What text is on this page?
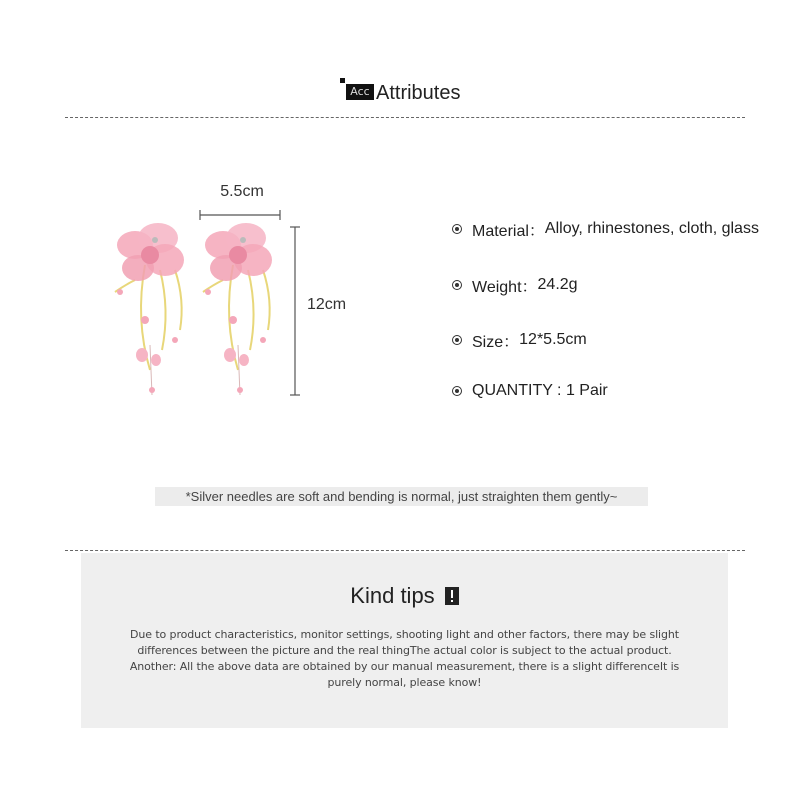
Acc Attributes
5.5cm
12cm
Material： Alloy, rhinestones, cloth, glass
Weight： 24.2g
Size： 12*5.5cm
QUANTITY : 1 Pair
*Silver needles are soft and bending is normal, just straighten them gently~
Kind tips
Due to product characteristics, monitor settings, shooting light and other factors, there may be slight differences between the picture and the real thingThe actual color is subject to the actual product. Another: All the above data are obtained by our manual measurement, there is a slight differenceIt is purely normal, please know!
